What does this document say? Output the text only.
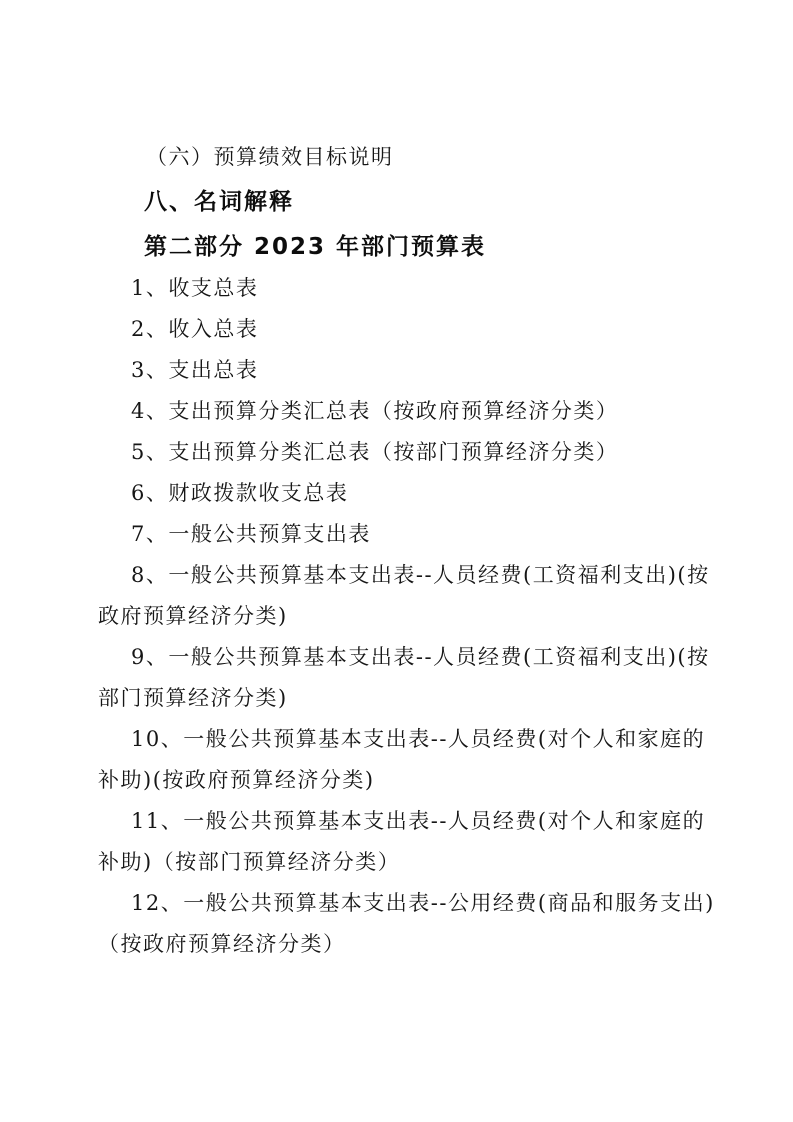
（六）预算绩效目标说明
八、名词解释
第二部分 2023 年部门预算表
1、收支总表
2、收入总表
3、支出总表
4、支出预算分类汇总表（按政府预算经济分类）
5、支出预算分类汇总表（按部门预算经济分类）
6、财政拨款收支总表
7、一般公共预算支出表
8、一般公共预算基本支出表--人员经费(工资福利支出)(按
政府预算经济分类)
9、一般公共预算基本支出表--人员经费(工资福利支出)(按
部门预算经济分类)
10、一般公共预算基本支出表--人员经费(对个人和家庭的
补助)(按政府预算经济分类)
11、一般公共预算基本支出表--人员经费(对个人和家庭的
补助)（按部门预算经济分类）
12、一般公共预算基本支出表--公用经费(商品和服务支出)
（按政府预算经济分类）
